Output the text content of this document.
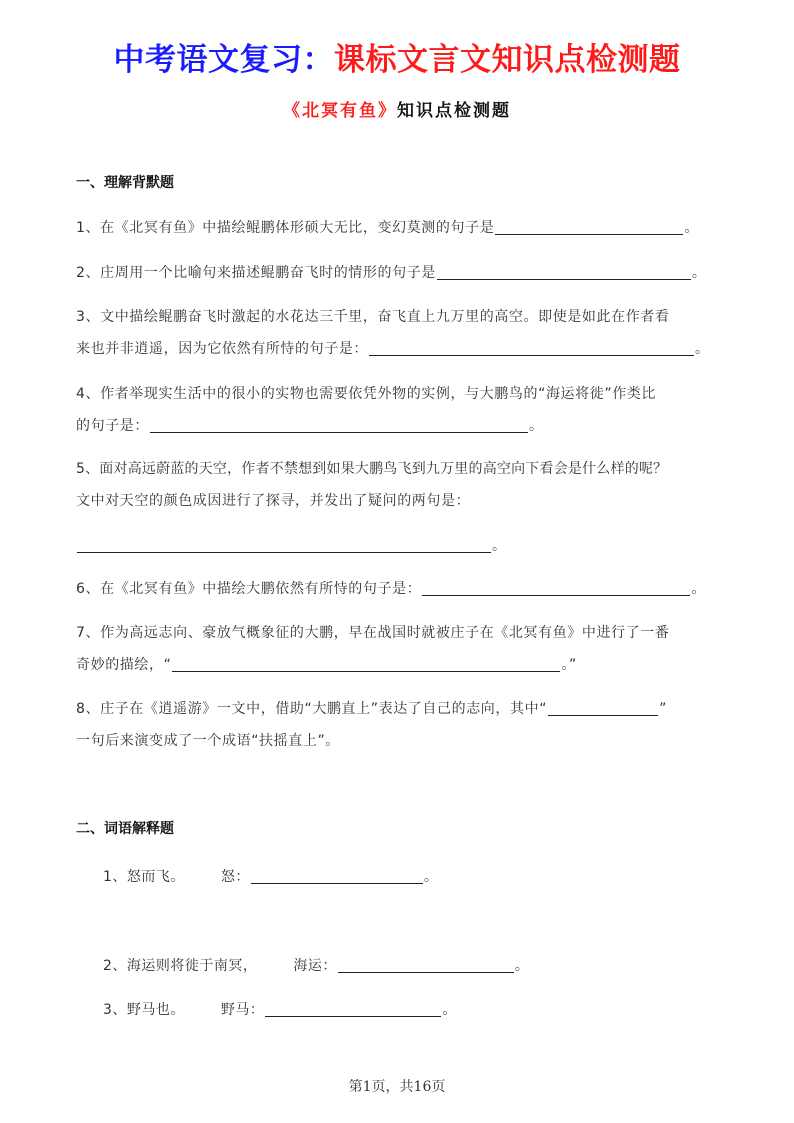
中考语文复习：课标文言文知识点检测题
《北冥有鱼》知识点检测题
一、理解背默题
1、在《北冥有鱼》中描绘鲲鹏体形硕大无比，变幻莫测的句子是	。
2、庄周用一个比喻句来描述鲲鹏奋飞时的情形的句子是	。
3、文中描绘鲲鹏奋飞时激起的水花达三千里，奋飞直上九万里的高空。即使是如此在作者看
来也并非逍遥，因为它依然有所恃的句子是：	。
4、作者举现实生活中的很小的实物也需要依凭外物的实例，与大鹏鸟的“海运将徙”作类比
的句子是：	。
5、面对高远蔚蓝的天空，作者不禁想到如果大鹏鸟飞到九万里的高空向下看会是什么样的呢？
文中对天空的颜色成因进行了探寻，并发出了疑问的两句是：
。
6、在《北冥有鱼》中描绘大鹏依然有所恃的句子是：	。
7、作为高远志向、豪放气概象征的大鹏，早在战国时就被庄子在《北冥有鱼》中进行了一番
奇妙的描绘，“	。”
8、庄子在《逍遥游》一文中，借助“大鹏直上”表达了自己的志向，其中“	”
一句后来演变成了一个成语“扶摇直上”。
二、词语解释题
1、怒而飞。	怒：	。
2、海运则将徙于南冥，	海运：	。
3、野马也。	野马：	。
第1页，共16页
